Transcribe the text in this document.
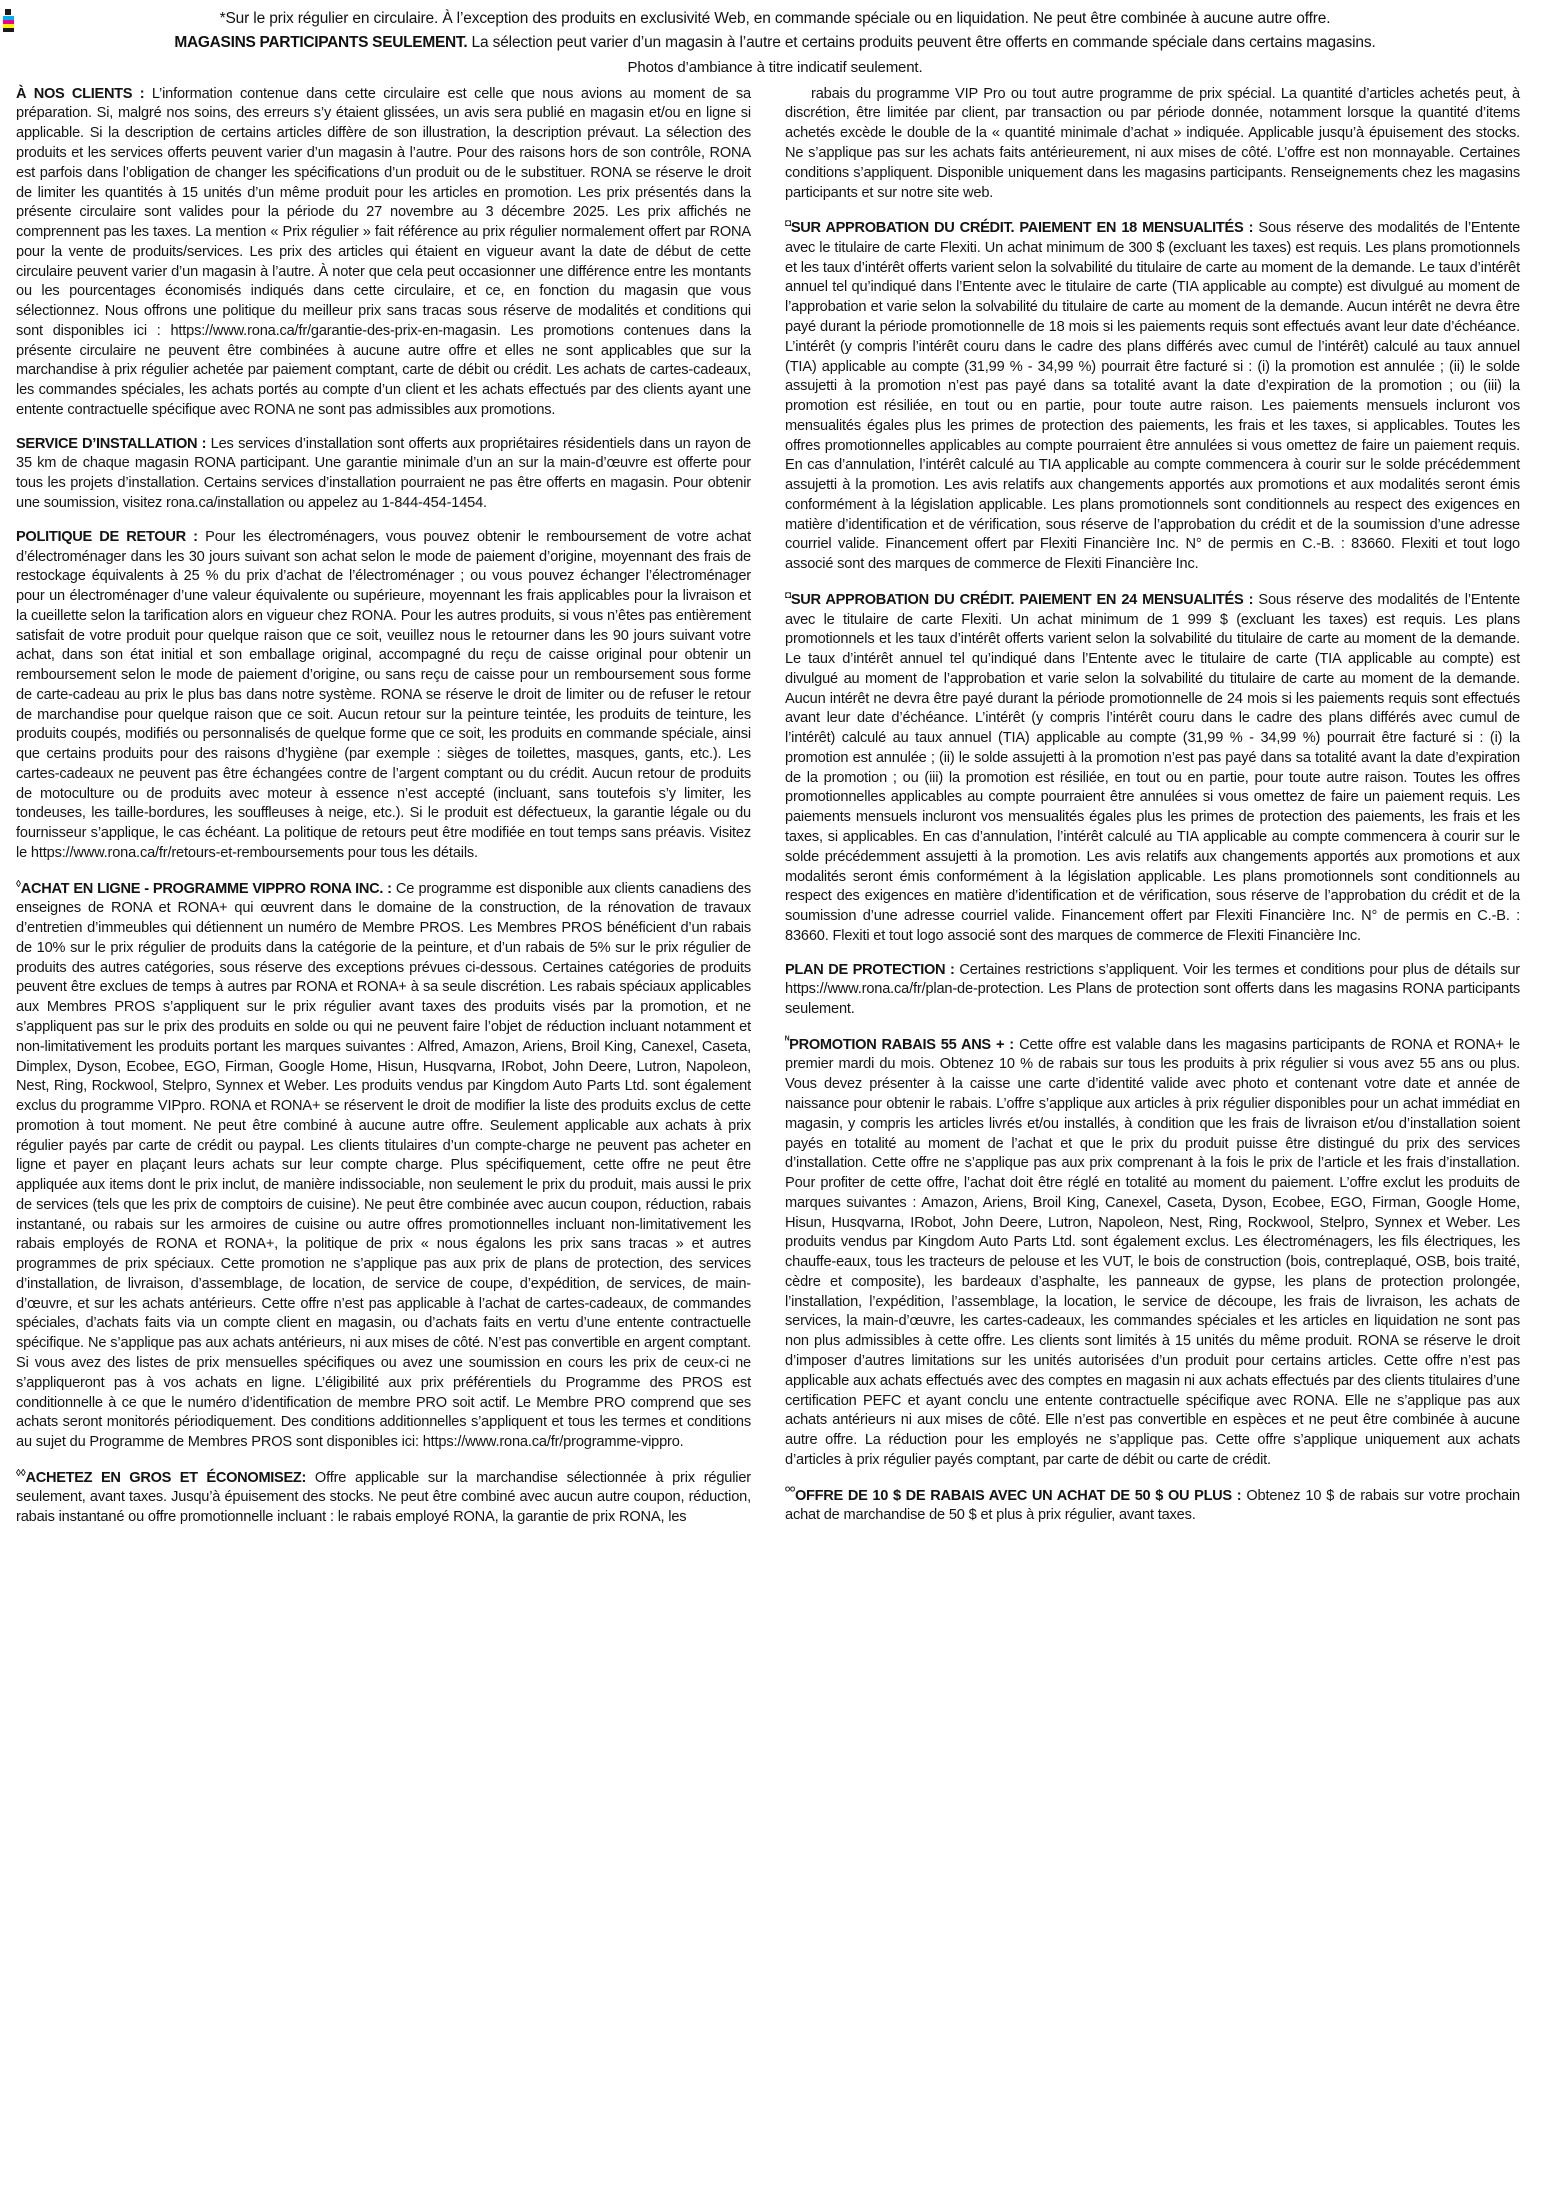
*Sur le prix régulier en circulaire. À l’exception des produits en exclusivité Web, en commande spéciale ou en liquidation. Ne peut être combinée à aucune autre offre.

MAGASINS PARTICIPANTS SEULEMENT. La sélection peut varier d’un magasin à l’autre et certains produits peuvent être offerts en commande spéciale dans certains magasins.

Photos d’ambiance à titre indicatif seulement.

À NOS CLIENTS : L’information contenue dans cette circulaire est celle que nous avions au moment de sa préparation. Si, malgré nos soins, des erreurs s’y étaient glissées, un avis sera publié en magasin et/ou en ligne si applicable. Si la description de certains articles diffère de son illustration, la description prévaut. La sélection des produits et les services offerts peuvent varier d’un magasin à l’autre. Pour des raisons hors de son contrôle, RONA est parfois dans l’obligation de changer les spécifications d’un produit ou de le substituer. RONA se réserve le droit de limiter les quantités à 15 unités d’un même produit pour les articles en promotion. Les prix présentés dans la présente circulaire sont valides pour la période du 27 novembre au 3 décembre 2025. Les prix affichés ne comprennent pas les taxes. La mention « Prix régulier » fait référence au prix régulier normalement offert par RONA pour la vente de produits/services. Les prix des articles qui étaient en vigueur avant la date de début de cette circulaire peuvent varier d’un magasin à l’autre. À noter que cela peut occasionner une différence entre les montants ou les pourcentages économisés indiqués dans cette circulaire, et ce, en fonction du magasin que vous sélectionnez. Nous offrons une politique du meilleur prix sans tracas sous réserve de modalités et conditions qui sont disponibles ici : https://www.rona.ca/fr/garantie-des-prix-en-magasin. Les promotions contenues dans la présente circulaire ne peuvent être combinées à aucune autre offre et elles ne sont applicables que sur la marchandise à prix régulier achetée par paiement comptant, carte de débit ou crédit. Les achats de cartes-cadeaux, les commandes spéciales, les achats portés au compte d’un client et les achats effectués par des clients ayant une entente contractuelle spécifique avec RONA ne sont pas admissibles aux promotions.

SERVICE D’INSTALLATION : Les services d’installation sont offerts aux propriétaires résidentiels dans un rayon de 35 km de chaque magasin RONA participant. Une garantie minimale d’un an sur la main-d’œuvre est offerte pour tous les projets d’installation. Certains services d’installation pourraient ne pas être offerts en magasin. Pour obtenir une soumission, visitez rona.ca/installation ou appelez au 1-844-454-1454.

POLITIQUE DE RETOUR : Pour les électroménagers, vous pouvez obtenir le remboursement de votre achat d’électroménager dans les 30 jours suivant son achat selon le mode de paiement d’origine, moyennant des frais de restockage équivalents à 25 % du prix d’achat de l’électroménager ; ou vous pouvez échanger l’électroménager pour un électroménager d’une valeur équivalente ou supérieure, moyennant les frais applicables pour la livraison et la cueillette selon la tarification alors en vigueur chez RONA. Pour les autres produits, si vous n’êtes pas entièrement satisfait de votre produit pour quelque raison que ce soit, veuillez nous le retourner dans les 90 jours suivant votre achat, dans son état initial et son emballage original, accompagné du reçu de caisse original pour obtenir un remboursement selon le mode de paiement d’origine, ou sans reçu de caisse pour un remboursement sous forme de carte-cadeau au prix le plus bas dans notre système. RONA se réserve le droit de limiter ou de refuser le retour de marchandise pour quelque raison que ce soit. Aucun retour sur la peinture teintée, les produits de teinture, les produits coupés, modifiés ou personnalisés de quelque forme que ce soit, les produits en commande spéciale, ainsi que certains produits pour des raisons d’hygiène (par exemple : sièges de toilettes, masques, gants, etc.). Les cartes-cadeaux ne peuvent pas être échangées contre de l’argent comptant ou du crédit. Aucun retour de produits de motoculture ou de produits avec moteur à essence n’est accepté (incluant, sans toutefois s’y limiter, les tondeuses, les taille-bordures, les souffleuses à neige, etc.). Si le produit est défectueux, la garantie légale ou du fournisseur s’applique, le cas échéant. La politique de retours peut être modifiée en tout temps sans préavis. Visitez le https://www.rona.ca/fr/retours-et-remboursements pour tous les détails.

◊ACHAT EN LIGNE - PROGRAMME VIPPRO RONA INC. : Ce programme est disponible aux clients canadiens des enseignes de RONA et RONA+ qui œuvrent dans le domaine de la construction, de la rénovation de travaux d’entretien d’immeubles qui détiennent un numéro de Membre PROS. Les Membres PROS bénéficient d’un rabais de 10% sur le prix régulier de produits dans la catégorie de la peinture, et d’un rabais de 5% sur le prix régulier de produits des autres catégories, sous réserve des exceptions prévues ci-dessous. Certaines catégories de produits peuvent être exclues de temps à autres par RONA et RONA+ à sa seule discrétion. Les rabais spéciaux applicables aux Membres PROS s’appliquent sur le prix régulier avant taxes des produits visés par la promotion, et ne s’appliquent pas sur le prix des produits en solde ou qui ne peuvent faire l’objet de réduction incluant notamment et non-limitativement les produits portant les marques suivantes : Alfred, Amazon, Ariens, Broil King, Canexel, Caseta, Dimplex, Dyson, Ecobee, EGO, Firman, Google Home, Hisun, Husqvarna, IRobot, John Deere, Lutron, Napoleon, Nest, Ring, Rockwool, Stelpro, Synnex et Weber. Les produits vendus par Kingdom Auto Parts Ltd. sont également exclus du programme VIPpro. RONA et RONA+ se réservent le droit de modifier la liste des produits exclus de cette promotion à tout moment. Ne peut être combiné à aucune autre offre. Seulement applicable aux achats à prix régulier payés par carte de crédit ou paypal. Les clients titulaires d’un compte-charge ne peuvent pas acheter en ligne et payer en plaçant leurs achats sur leur compte charge. Plus spécifiquement, cette offre ne peut être appliquée aux items dont le prix inclut, de manière indissociable, non seulement le prix du produit, mais aussi le prix de services (tels que les prix de comptoirs de cuisine). Ne peut être combinée avec aucun coupon, réduction, rabais instantané, ou rabais sur les armoires de cuisine ou autre offres promotionnelles incluant non-limitativement les rabais employés de RONA et RONA+, la politique de prix « nous égalons les prix sans tracas » et autres programmes de prix spéciaux. Cette promotion ne s’applique pas aux prix de plans de protection, des services d’installation, de livraison, d’assemblage, de location, de service de coupe, d’expédition, de services, de main-d’œuvre, et sur les achats antérieurs. Cette offre n’est pas applicable à l’achat de cartes-cadeaux, de commandes spéciales, d’achats faits via un compte client en magasin, ou d’achats faits en vertu d’une entente contractuelle spécifique. Ne s’applique pas aux achats antérieurs, ni aux mises de côté. N’est pas convertible en argent comptant. Si vous avez des listes de prix mensuelles spécifiques ou avez une soumission en cours les prix de ceux-ci ne s’appliqueront pas à vos achats en ligne. L’éligibilité aux prix préférentiels du Programme des PROS est conditionnelle à ce que le numéro d’identification de membre PRO soit actif. Le Membre PRO comprend que ses achats seront monitorés périodiquement. Des conditions additionnelles s’appliquent et tous les termes et conditions au sujet du Programme de Membres PROS sont disponibles ici: https://www.rona.ca/fr/programme-vippro.

◊◊ACHETEZ EN GROS ET ÉCONOMISEZ: Offre applicable sur la marchandise sélectionnée à prix régulier seulement, avant taxes. Jusqu’à épuisement des stocks. Ne peut être combiné avec aucun autre coupon, réduction, rabais instantané ou offre promotionnelle incluant : le rabais employé RONA, la garantie de prix RONA, les

rabais du programme VIP Pro ou tout autre programme de prix spécial. La quantité d’articles achetés peut, à discrétion, être limitée par client, par transaction ou par période donnée, notamment lorsque la quantité d’items achetés excède le double de la « quantité minimale d’achat » indiquée. Applicable jusqu’à épuisement des stocks. Ne s’applique pas sur les achats faits antérieurement, ni aux mises de côté. L’offre est non monnayable. Certaines conditions s’appliquent. Disponible uniquement dans les magasins participants. Renseignements chez les magasins participants et sur notre site web.

◘SUR APPROBATION DU CRÉDIT. PAIEMENT EN 18 MENSUALITÉS : Sous réserve des modalités de l’Entente avec le titulaire de carte Flexiti. Un achat minimum de 300 $ (excluant les taxes) est requis. Les plans promotionnels et les taux d’intérêt offerts varient selon la solvabilité du titulaire de carte au moment de la demande. Le taux d’intérêt annuel tel qu’indiqué dans l’Entente avec le titulaire de carte (TIA applicable au compte) est divulgué au moment de l’approbation et varie selon la solvabilité du titulaire de carte au moment de la demande. Aucun intérêt ne devra être payé durant la période promotionnelle de 18 mois si les paiements requis sont effectués avant leur date d’échéance. L’intérêt (y compris l’intérêt couru dans le cadre des plans différés avec cumul de l’intérêt) calculé au taux annuel (TIA) applicable au compte (31,99 % - 34,99 %) pourrait être facturé si : (i) la promotion est annulée ; (ii) le solde assujetti à la promotion n’est pas payé dans sa totalité avant la date d’expiration de la promotion ; ou (iii) la promotion est résiliée, en tout ou en partie, pour toute autre raison. Les paiements mensuels incluront vos mensualités égales plus les primes de protection des paiements, les frais et les taxes, si applicables. Toutes les offres promotionnelles applicables au compte pourraient être annulées si vous omettez de faire un paiement requis. En cas d’annulation, l’intérêt calculé au TIA applicable au compte commencera à courir sur le solde précédemment assujetti à la promotion. Les avis relatifs aux changements apportés aux promotions et aux modalités seront émis conformément à la législation applicable. Les plans promotionnels sont conditionnels au respect des exigences en matière d’identification et de vérification, sous réserve de l’approbation du crédit et de la soumission d’une adresse courriel valide. Financement offert par Flexiti Financière Inc. N° de permis en C.-B. : 83660. Flexiti et tout logo associé sont des marques de commerce de Flexiti Financière Inc.

◘SUR APPROBATION DU CRÉDIT. PAIEMENT EN 24 MENSUALITÉS : Sous réserve des modalités de l’Entente avec le titulaire de carte Flexiti. Un achat minimum de 1 999 $ (excluant les taxes) est requis. Les plans promotionnels et les taux d’intérêt offerts varient selon la solvabilité du titulaire de carte au moment de la demande. Le taux d’intérêt annuel tel qu’indiqué dans l’Entente avec le titulaire de carte (TIA applicable au compte) est divulgué au moment de l’approbation et varie selon la solvabilité du titulaire de carte au moment de la demande. Aucun intérêt ne devra être payé durant la période promotionnelle de 24 mois si les paiements requis sont effectués avant leur date d’échéance. L’intérêt (y compris l’intérêt couru dans le cadre des plans différés avec cumul de l’intérêt) calculé au taux annuel (TIA) applicable au compte (31,99 % - 34,99 %) pourrait être facturé si : (i) la promotion est annulée ; (ii) le solde assujetti à la promotion n’est pas payé dans sa totalité avant la date d’expiration de la promotion ; ou (iii) la promotion est résiliée, en tout ou en partie, pour toute autre raison. Toutes les offres promotionnelles applicables au compte pourraient être annulées si vous omettez de faire un paiement requis. Les paiements mensuels incluront vos mensualités égales plus les primes de protection des paiements, les frais et les taxes, si applicables. En cas d’annulation, l’intérêt calculé au TIA applicable au compte commencera à courir sur le solde précédemment assujetti à la promotion. Les avis relatifs aux changements apportés aux promotions et aux modalités seront émis conformément à la législation applicable. Les plans promotionnels sont conditionnels au respect des exigences en matière d’identification et de vérification, sous réserve de l’approbation du crédit et de la soumission d’une adresse courriel valide. Financement offert par Flexiti Financière Inc. N° de permis en C.-B. : 83660. Flexiti et tout logo associé sont des marques de commerce de Flexiti Financière Inc.

PLAN DE PROTECTION : Certaines restrictions s’appliquent. Voir les termes et conditions pour plus de détails sur https://www.rona.ca/fr/plan-de-protection. Les Plans de protection sont offerts dans les magasins RONA participants seulement.

$^ᴺ$PROMOTION RABAIS 55 ANS + : Cette offre est valable dans les magasins participants de RONA et RONA+ le premier mardi du mois. Obtenez 10 % de rabais sur tous les produits à prix régulier si vous avez 55 ans ou plus. Vous devez présenter à la caisse une carte d’identité valide avec photo et contenant votre date et année de naissance pour obtenir le rabais. L’offre s’applique aux articles à prix régulier disponibles pour un achat immédiat en magasin, y compris les articles livrés et/ou installés, à condition que les frais de livraison et/ou d’installation soient payés en totalité au moment de l’achat et que le prix du produit puisse être distingué du prix des services d’installation. Cette offre ne s’applique pas aux prix comprenant à la fois le prix de l’article et les frais d’installation. Pour profiter de cette offre, l’achat doit être réglé en totalité au moment du paiement. L’offre exclut les produits de marques suivantes : Amazon, Ariens, Broil King, Canexel, Caseta, Dyson, Ecobee, EGO, Firman, Google Home, Hisun, Husqvarna, IRobot, John Deere, Lutron, Napoleon, Nest, Ring, Rockwool, Stelpro, Synnex et Weber. Les produits vendus par Kingdom Auto Parts Ltd. sont également exclus. Les électroménagers, les fils électriques, les chauffe-eaux, tous les tracteurs de pelouse et les VUT, le bois de construction (bois, contreplaqué, OSB, bois traité, cèdre et composite), les bardeaux d’asphalte, les panneaux de gypse, les plans de protection prolongée, l’installation, l’expédition, l’assemblage, la location, le service de découpe, les frais de livraison, les achats de services, la main-d’œuvre, les cartes-cadeaux, les commandes spéciales et les articles en liquidation ne sont pas non plus admissibles à cette offre. Les clients sont limités à 15 unités du même produit. RONA se réserve le droit d’imposer d’autres limitations sur les unités autorisées d’un produit pour certains articles. Cette offre n’est pas applicable aux achats effectués avec des comptes en magasin ni aux achats effectués par des clients titulaires d’une certification PEFC et ayant conclu une entente contractuelle spécifique avec RONA. Elle ne s’applique pas aux achats antérieurs ni aux mises de côté. Elle n’est pas convertible en espèces et ne peut être combinée à aucune autre offre. La réduction pour les employés ne s’applique pas. Cette offre s’applique uniquement aux achats d’articles à prix régulier payés comptant, par carte de débit ou carte de crédit.

$^{ᴼᴼ}$OFFRE DE 10 $ DE RABAIS AVEC UN ACHAT DE 50 $ OU PLUS : Obtenez 10 $ de rabais sur votre prochain achat de marchandise de 50 $ et plus à prix régulier, avant taxes.
